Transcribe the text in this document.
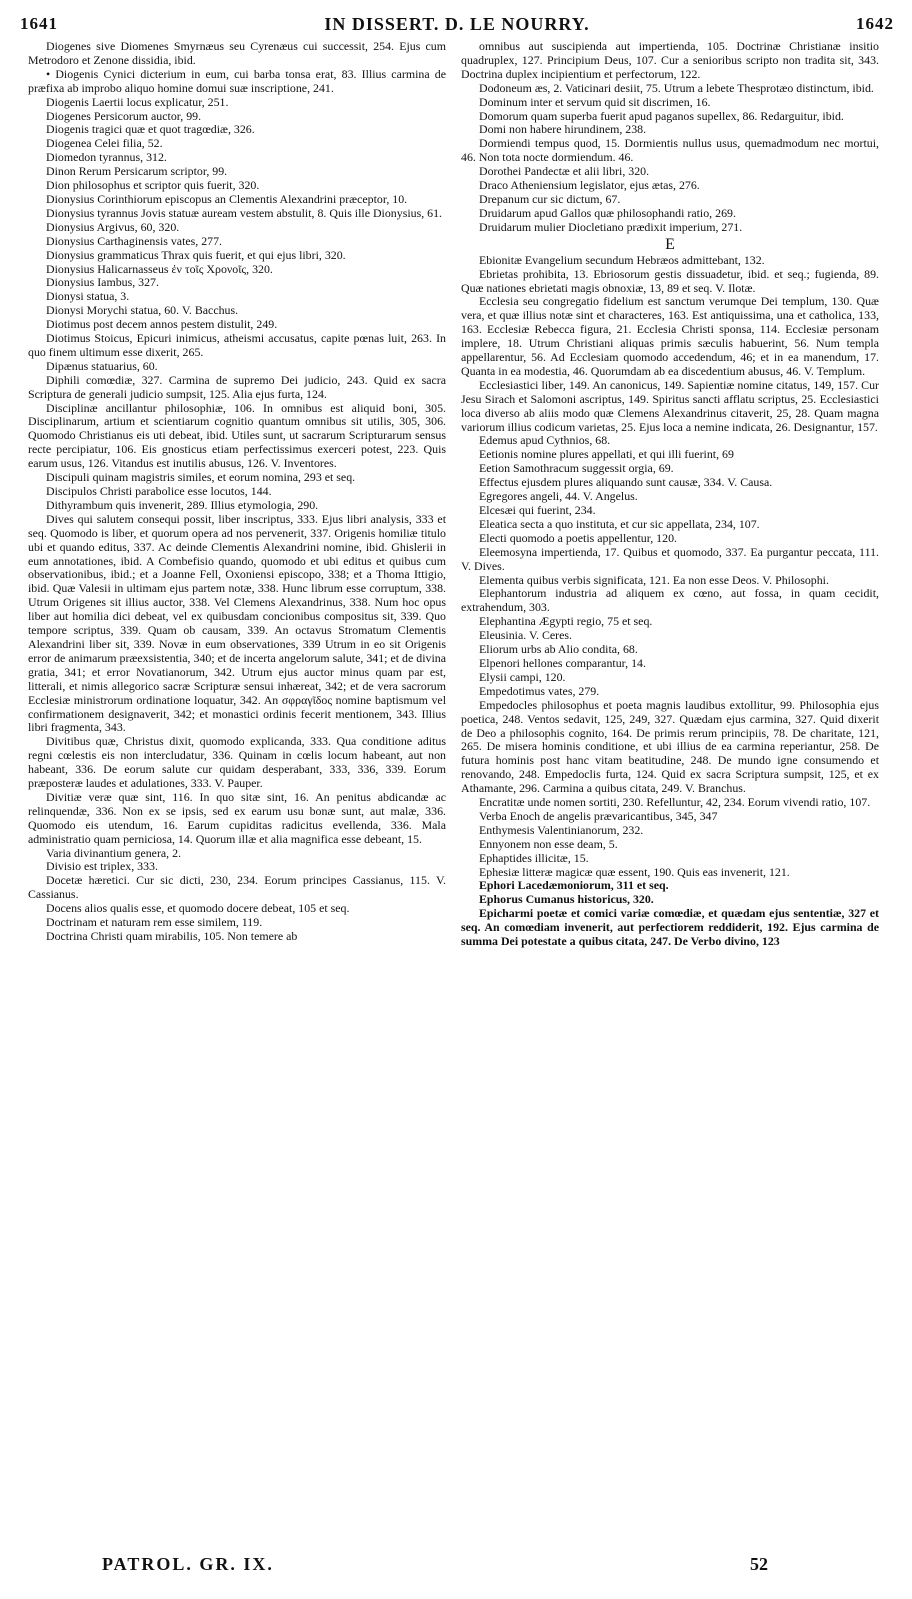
1641	IN DISSERT. D. LE NOURRY.	1642
Diogenes sive Diomenes Smyrnæus seu Cyrenæus cui successit, 254. Ejus cum Metrodoro et Zenone dissidia, ibid.
• Diogenis Cynici dicterium in eum, cui barba tonsa erat, 83. Illius carmina de præfixa ab improbo aliquo homine domui suæ inscriptione, 241.
Diogenis Laertii locus explicatur, 251.
Diogenes Persicorum auctor, 99.
Diogenis tragici quæ et quot tragœdiæ, 326.
Diogenea Celei filia, 52.
Diomedon tyrannus, 312.
Dinon Rerum Persicarum scriptor, 99.
Dion philosophus et scriptor quis fuerit, 320.
Dionysius Corinthiorum episcopus an Clementis Alexandrini præceptor, 10.
Dionysius tyrannus Jovis statuæ auream vestem abstulit, 8. Quis ille Dionysius, 61.
Dionysius Argivus, 60, 320.
Dionysius Carthaginensis vates, 277.
Dionysius grammaticus Thrax quis fuerit, et qui ejus libri, 320.
Dionysius Halicarnasseus ἐν τοῖς Χρονοῖς, 320.
Dionysius Iambus, 327.
Dionysi statua, 3.
Dionysi Morychi statua, 60. V. Bacchus.
Diotimus post decem annos pestem distulit, 249.
Diotimus Stoicus, Epicuri inimicus, atheismi accusatus, capite pœnas luit, 263. In quo finem ultimum esse dixerit, 265.
Dipænus statuarius, 60.
Diphili comœdiæ, 327. Carmina de supremo Dei judicio, 243. Quid ex sacra Scriptura de generali judicio sumpsit, 125. Alia ejus furta, 124.
Disciplinæ ancillantur philosophiæ, 106. In omnibus est aliquid boni, 305. Disciplinarum, artium et scientiarum cognitio quantum omnibus sit utilis, 305, 306. Quomodo Christianus eis uti debeat, ibid. Utiles sunt, ut sacrarum Scripturarum sensus recte percipiatur, 106. Eis gnosticus etiam perfectissimus exerceri potest, 223. Quis earum usus, 126. Vitandus est inutilis abusus, 126. V. Inventores.
Discipuli quinam magistris similes, et eorum nomina, 293 et seq.
Discipulos Christi parabolice esse locutos, 144.
Dithyrambum quis invenerit, 289. Illius etymologia, 290.
Dives qui salutem consequi possit, liber inscriptus, 333. Ejus libri analysis, 333 et seq. Quomodo is liber, et quorum opera ad nos pervenerit, 337. Origenis homiliæ titulo ubi et quando editus, 337. Ac deinde Clementis Alexandrini nomine, ibid. Ghislerii in eum annotationes, ibid. A Combefisio quando, quomodo et ubi editus et quibus cum observationibus, ibid.; et a Joanne Fell, Oxoniensi episcopo, 338; et a Thoma Ittigio, ibid. Quæ Valesii in ultimam ejus partem notæ, 338. Hunc librum esse corruptum, 338. Utrum Origenes sit illius auctor, 338. Vel Clemens Alexandrinus, 338. Num hoc opus liber aut homilia dici debeat, vel ex quibusdam concionibus compositus sit, 339. Quo tempore scriptus, 339. Quam ob causam, 339. An octavus Stromatum Clementis Alexandrini liber sit, 339. Novæ in eum observationes, 339 Utrum in eo sit Origenis error de animarum præexsistentia, 340; et de incerta angelorum salute, 341; et de divina gratia, 341; et error Novatianorum, 342. Utrum ejus auctor minus quam par est, litterali, et nimis allegorico sacræ Scripturæ sensui inhæreat, 342; et de vera sacrorum Ecclesiæ ministrorum ordinatione loquatur, 342. An σφραγῖδος nomine baptismum vel confirmationem designaverit, 342; et monastici ordinis fecerit mentionem, 343. Illius libri fragmenta, 343.
Divitibus quæ, Christus dixit, quomodo explicanda, 333. Qua conditione aditus regni cœlestis eis non intercludatur, 336. Quinam in cœlis locum habeant, aut non habeant, 336. De eorum salute cur quidam desperabant, 333, 336, 339. Eorum præposteræ laudes et adulationes, 333. V. Pauper.
Divitiæ veræ quæ sint, 116. In quo sitæ sint, 16. An penitus abdicandæ ac relinquendæ, 336. Non ex se ipsis, sed ex earum usu bonæ sunt, aut malæ, 336. Quomodo eis utendum, 16. Earum cupiditas radicitus evellenda, 336. Mala administratio quam perniciosa, 14. Quorum illæ et alia magnifica esse debeant, 15.
Varia divinantium genera, 2.
Divisio est triplex, 333.
Docetæ hæretici. Cur sic dicti, 230, 234. Eorum principes Cassianus, 115. V. Cassianus.
Docens alios qualis esse, et quomodo docere debeat, 105 et seq.
Doctrinam et naturam rem esse similem, 119.
Doctrina Christi quam mirabilis, 105. Non temere ab
omnibus aut suscipienda aut impertienda, 105. Doctrinæ Christianæ insitio quadruplex, 127. Principium Deus, 107. Cur a senioribus scripto non tradita sit, 343. Doctrina duplex incipientium et perfectorum, 122.
Dodoneum æs, 2. Vaticinari desiit, 75. Utrum a lebete Thesprotæo distinctum, ibid.
Dominum inter et servum quid sit discrimen, 16.
Domorum quam superba fuerit apud paganos supellex, 86. Redarguitur, ibid.
Domi non habere hirundinem, 238.
Dormiendi tempus quod, 15. Dormientis nullus usus, quemadmodum nec mortui, 46. Non tota nocte dormiendum. 46.
Dorothei Pandectæ et alii libri, 320.
Draco Atheniensium legislator, ejus ætas, 276.
Drepanum cur sic dictum, 67.
Druidarum apud Gallos quæ philosophandi ratio, 269.
Druidarum mulier Diocletiano prædixit imperium, 271.
E
Ebionitæ Evangelium secundum Hebræos admittebant, 132.
Ebrietas prohibita, 13. Ebriosorum gestis dissuadetur, ibid. et seq.; fugienda, 89. Quæ nationes ebrietati magis obnoxiæ, 13, 89 et seq. V. Ilotæ.
Ecclesia seu congregatio fidelium est sanctum verumque Dei templum, 130. Quæ vera, et quæ illius notæ sint et characteres, 163. Est antiquissima, una et catholica, 133, 163. Ecclesiæ Rebecca figura, 21. Ecclesia Christi sponsa, 114. Ecclesiæ personam implere, 18. Utrum Christiani aliquas primis sæculis habuerint, 56. Num templa appellarentur, 56. Ad Ecclesiam quomodo accedendum, 46; et in ea manendum, 17. Quanta in ea modestia, 46. Quorumdam ab ea discedentium abusus, 46. V. Templum.
Ecclesiastici liber, 149. An canonicus, 149. Sapientiæ nomine citatus, 149, 157. Cur Jesu Sirach et Salomoni ascriptus, 149. Spiritus sancti afflatu scriptus, 25. Ecclesiastici loca diverso ab aliis modo quæ Clemens Alexandrinus citaverit, 25, 28. Quam magna variorum illius codicum varietas, 25. Ejus loca a nemine indicata, 26. Designantur, 157.
Edemus apud Cythnios, 68.
Eetionis nomine plures appellati, et qui illi fuerint, 69
Eetion Samothracum suggessit orgia, 69.
Effectus ejusdem plures aliquando sunt causæ, 334. V. Causa.
Egregores angeli, 44. V. Angelus.
Elcesæi qui fuerint, 234.
Eleatica secta a quo instituta, et cur sic appellata, 234, 107.
Electi quomodo a poetis appellentur, 120.
Eleemosyna impertienda, 17. Quibus et quomodo, 337. Ea purgantur peccata, 111. V. Dives.
Elementa quibus verbis significata, 121. Ea non esse Deos. V. Philosophi.
Elephantorum industria ad aliquem ex cœno, aut fossa, in quam cecidit, extrahendum, 303.
Elephantina Ægypti regio, 75 et seq.
Eleusinia. V. Ceres.
Eliorum urbs ab Alio condita, 68.
Elpenori hellones comparantur, 14.
Elysii campi, 120.
Empedotimus vates, 279.
Empedocles philosophus et poeta magnis laudibus extollitur, 99. Philosophia ejus poetica, 248. Ventos sedavit, 125, 249, 327. Quædam ejus carmina, 327. Quid dixerit de Deo a philosophis cognito, 164. De primis rerum principiis, 78. De charitate, 121, 265. De misera hominis conditione, et ubi illius de ea carmina reperiantur, 258. De futura hominis post hanc vitam beatitudine, 248. De mundo igne consumendo et renovando, 248. Empedoclis furta, 124. Quid ex sacra Scriptura sumpsit, 125, et ex Athamante, 296. Carmina a quibus citata, 249. V. Branchus.
Encratitæ unde nomen sortiti, 230. Refelluntur, 42, 234. Eorum vivendi ratio, 107.
Verba Enoch de angelis prævaricantibus, 345, 347
Enthymesis Valentinianorum, 232.
Ennyonem non esse deam, 5.
Ephaptides illicitæ, 15.
Ephesiæ litteræ magicæ quæ essent, 190. Quis eas invenerit, 121.
Ephori Lacedæmoniorum, 311 et seq.
Ephorus Cumanus historicus, 320.
Epicharmi poetæ et comici variæ comœdiæ, et quædam ejus sententiæ, 327 et seq. An comœdiam invenerit, aut perfectiorem reddiderit, 192. Ejus carmina de summa Dei potestate a quibus citata, 247. De Verbo divino, 123
PATROL. GR. IX.	52
